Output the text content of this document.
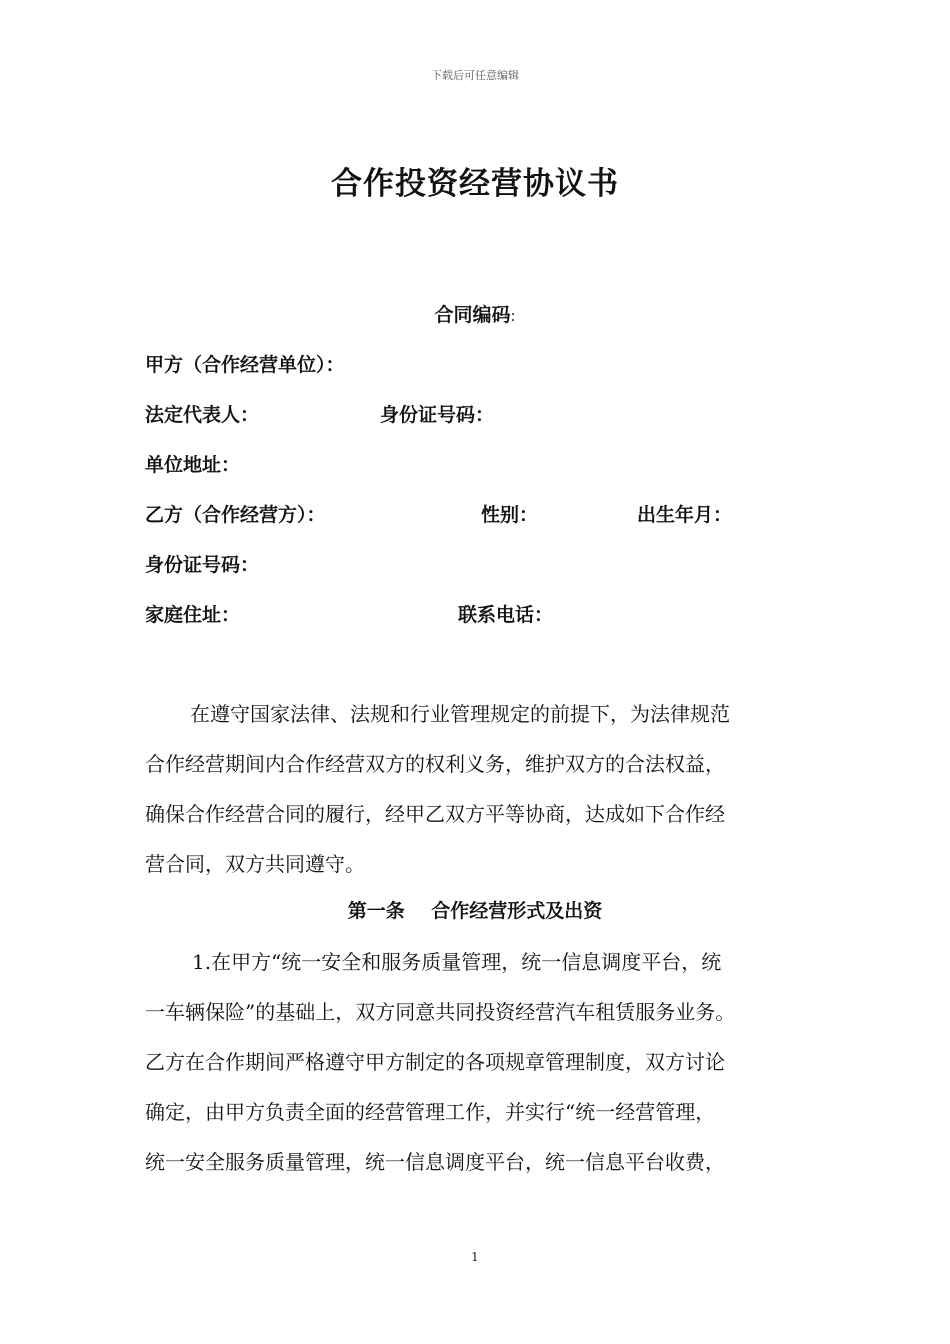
下载后可任意编辑
合作投资经营协议书
合同编码:
甲方（合作经营单位）：
法定代表人：	身份证号码：
单位地址：
乙方（合作经营方）：	性别：	出生年月：
身份证号码：
家庭住址：	联系电话：
在遵守国家法律、法规和行业管理规定的前提下，为法律规范
合作经营期间内合作经营双方的权利义务，维护双方的合法权益，
确保合作经营合同的履行，经甲乙双方平等协商，达成如下合作经
营合同，双方共同遵守。
第一条    合作经营形式及出资
1.在甲方“统一安全和服务质量管理，统一信息调度平台，统
一车辆保险”的基础上，双方同意共同投资经营汽车租赁服务业务。
乙方在合作期间严格遵守甲方制定的各项规章管理制度，双方讨论
确定，由甲方负责全面的经营管理工作，并实行“统一经营管理，
统一安全服务质量管理，统一信息调度平台，统一信息平台收费，
1
